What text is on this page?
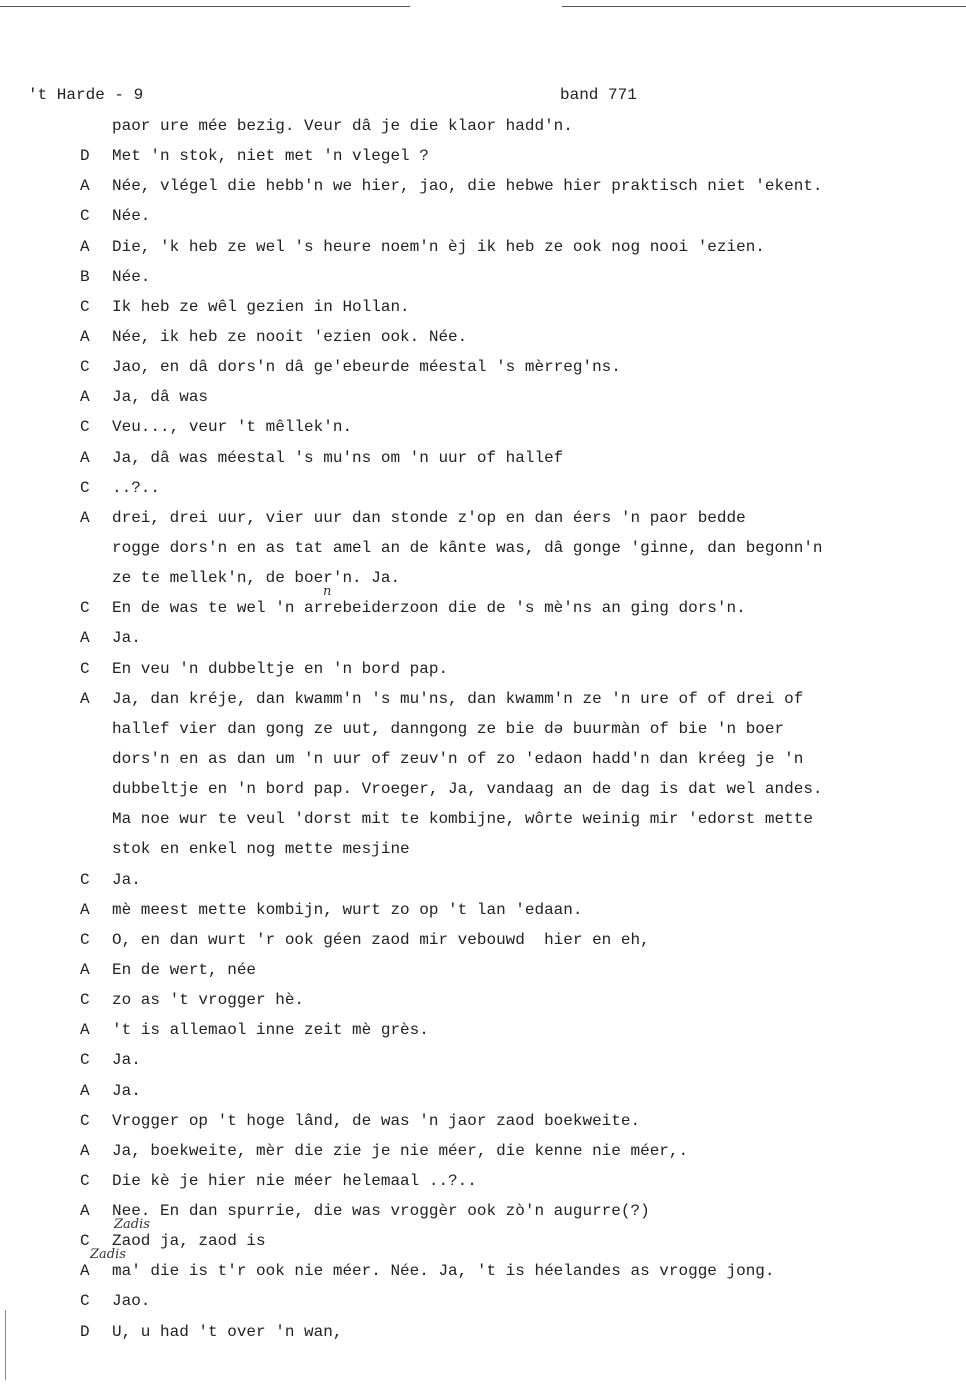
't Harde - 9	band 771
paor ure mée bezig. Veur dâ je die klaor hadd'n.
D Met 'n stok, niet met 'n vlegel ?
A Née, vlégel die hebb'n we hier, jao, die hebwe hier praktisch niet 'ekent.
C Née.
A Die, 'k heb ze wel 's heure noem'n èj ik heb ze ook nog nooi 'ezien.
B Née.
C Ik heb ze wêl gezien in Hollan.
A Née, ik heb ze nooit 'ezien ook. Née.
C Jao, en dâ dors'n dâ ge'ebeurde méestal 's mèrreg'ns.
A Ja, dâ was
C Veu..., veur 't mêllek'n.
A Ja, dâ was méestal 's mu'ns om 'n uur of hallef
C ..?..
A drei, drei uur, vier uur dan stonde z'op en dan éers 'n paor bedde
rogge dors'n en as tat amel an de kânte was, dâ gonge 'ginne, dan begonn'n
ze te mellek'n, de boer'n. Ja.
C En de was te wel 'n arrebeiderzoon die de 's mè'ns an ging dors'n.
n
A Ja.
C En veu 'n dubbeltje en 'n bord pap.
A Ja, dan kréje, dan kwamm'n 's mu'ns, dan kwamm'n ze 'n ure of of drei of
hallef vier dan gong ze uut, danngong ze bie də buurmàn of bie 'n boer
dors'n en as dan um 'n uur of zeuv'n of zo 'edaon hadd'n dan kréeg je 'n
dubbeltje en 'n bord pap. Vroeger, Ja, vandaag an de dag is dat wel andes.
Ma noe wur te veul 'dorst mit te kombijne, wôrte weinig mir 'edorst mette
stok en enkel nog mette mesjine
C Ja.
A mè meest mette kombijn, wurt zo op 't lan 'edaan.
C O, en dan wurt 'r ook géen zaod mir vebouwd  hier en eh,
A En de wert, née
C zo as 't vrogger hè.
A 't is allemaol inne zeit mè grès.
C Ja.
A Ja.
C Vrogger op 't hoge lând, de was 'n jaor zaod boekweite.
A Ja, boekweite, mèr die zie je nie méer, die kenne nie méer,.
C Die kè je hier nie méer helemaal ..?..
A Nee. En dan spurrie, die was vroggèr ook zò'n augurre(?)
C Zaod ja, zaod is
Zadis
A ma' die is t'r ook nie méer. Née. Ja, 't is héelandes as vrogge jong.
Zadis
C Jao.
D U, u had 't over 'n wan,
